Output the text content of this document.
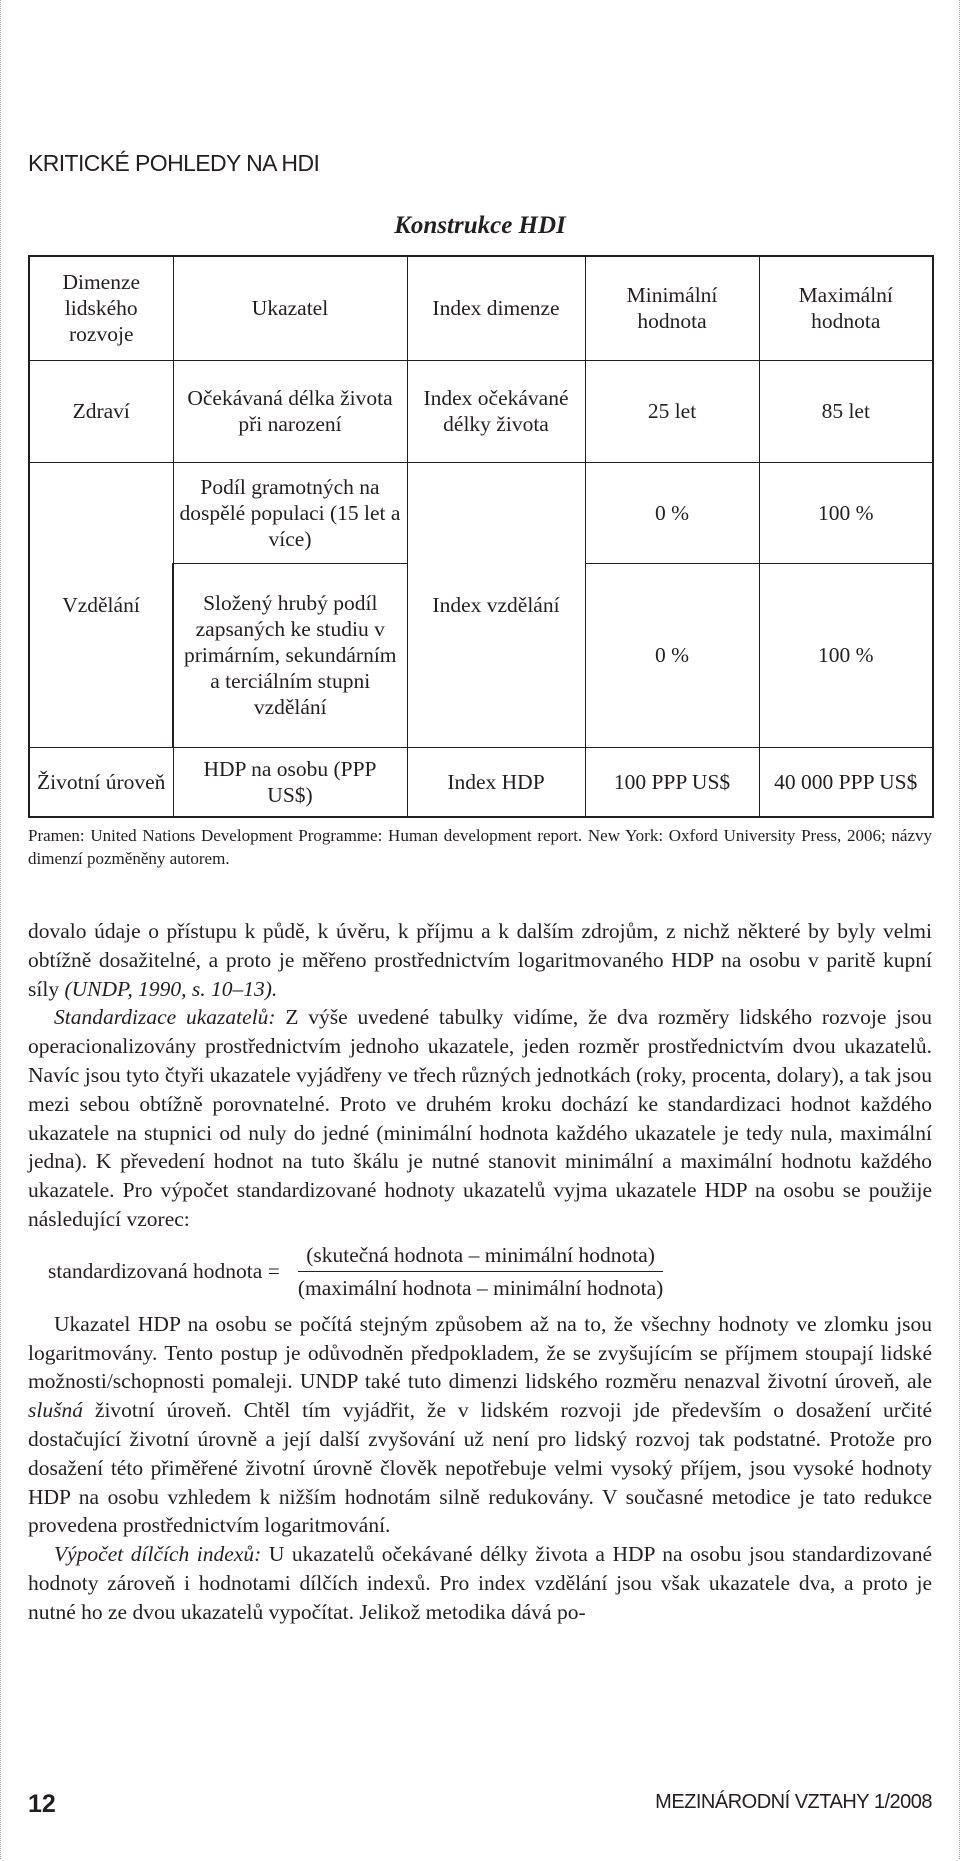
KRITICKÉ POHLEDY NA HDI
Konstrukce HDI
Dimenze lidského rozvoje	Ukazatel	Index dimenze	Minimální hodnota	Maximální hodnota
Zdraví	Očekávaná délka života při narození	Index očekávané délky života	25 let	85 let
Vzdělání	Podíl gramotných na dospělé populaci (15 let a více)	Index vzdělání	0 %	100 %
	Složený hrubý podíl zapsaných ke studiu v primárním, sekundárním a terciálním stupni vzdělání		0 %	100 %
Životní úroveň	HDP na osobu (PPP US$)	Index HDP	100 PPP US$	40 000 PPP US$
Pramen: United Nations Development Programme: Human development report. New York: Oxford University Press, 2006; názvy dimenzí pozměněny autorem.

dovalo údaje o přístupu k půdě, k úvěru, k příjmu a k dalším zdrojům, z nichž některé by byly velmi obtížně dosažitelné, a proto je měřeno prostřednictvím logaritmovaného HDP na osobu v paritě kupní síly (UNDP, 1990, s. 10–13).

Standardizace ukazatelů: Z výše uvedené tabulky vidíme, že dva rozměry lidského rozvoje jsou operacionalizovány prostřednictvím jednoho ukazatele, jeden rozměr prostřednictvím dvou ukazatelů. Navíc jsou tyto čtyři ukazatele vyjádřeny ve třech různých jednotkách (roky, procenta, dolary), a tak jsou mezi sebou obtížně porovnatelné. Proto ve druhém kroku dochází ke standardizaci hodnot každého ukazatele na stupnici od nuly do jedné (minimální hodnota každého ukazatele je tedy nula, maximální jedna). K převedení hodnot na tuto škálu je nutné stanovit minimální a maximální hodnotu každého ukazatele. Pro výpočet standardizované hodnoty ukazatelů vyjma ukazatele HDP na osobu se použije následující vzorec:

standardizovaná hodnota = $\frac{\text{(skutečná hodnota – minimální hodnota)}}{\text{(maximální hodnota – minimální hodnota)}}$

Ukazatel HDP na osobu se počítá stejným způsobem až na to, že všechny hodnoty ve zlomku jsou logaritmovány. Tento postup je odůvodněn předpokladem, že se zvyšujícím se příjmem stoupají lidské možnosti/schopnosti pomaleji. UNDP také tuto dimenzi lidského rozměru nenazval životní úroveň, ale slušná životní úroveň. Chtěl tím vyjádřit, že v lidském rozvoji jde především o dosažení určité dostačující životní úrovně a její další zvyšování už není pro lidský rozvoj tak podstatné. Protože pro dosažení této přiměřené životní úrovně člověk nepotřebuje velmi vysoký příjem, jsou vysoké hodnoty HDP na osobu vzhledem k nižším hodnotám silně redukovány. V současné metodice je tato redukce provedena prostřednictvím logaritmování.

Výpočet dílčích indexů: U ukazatelů očekávané délky života a HDP na osobu jsou standardizované hodnoty zároveň i hodnotami dílčích indexů. Pro index vzdělání jsou však ukazatele dva, a proto je nutné ho ze dvou ukazatelů vypočítat. Jelikož metodika dává po-

12	MEZINÁRODNÍ VZTAHY 1/2008
